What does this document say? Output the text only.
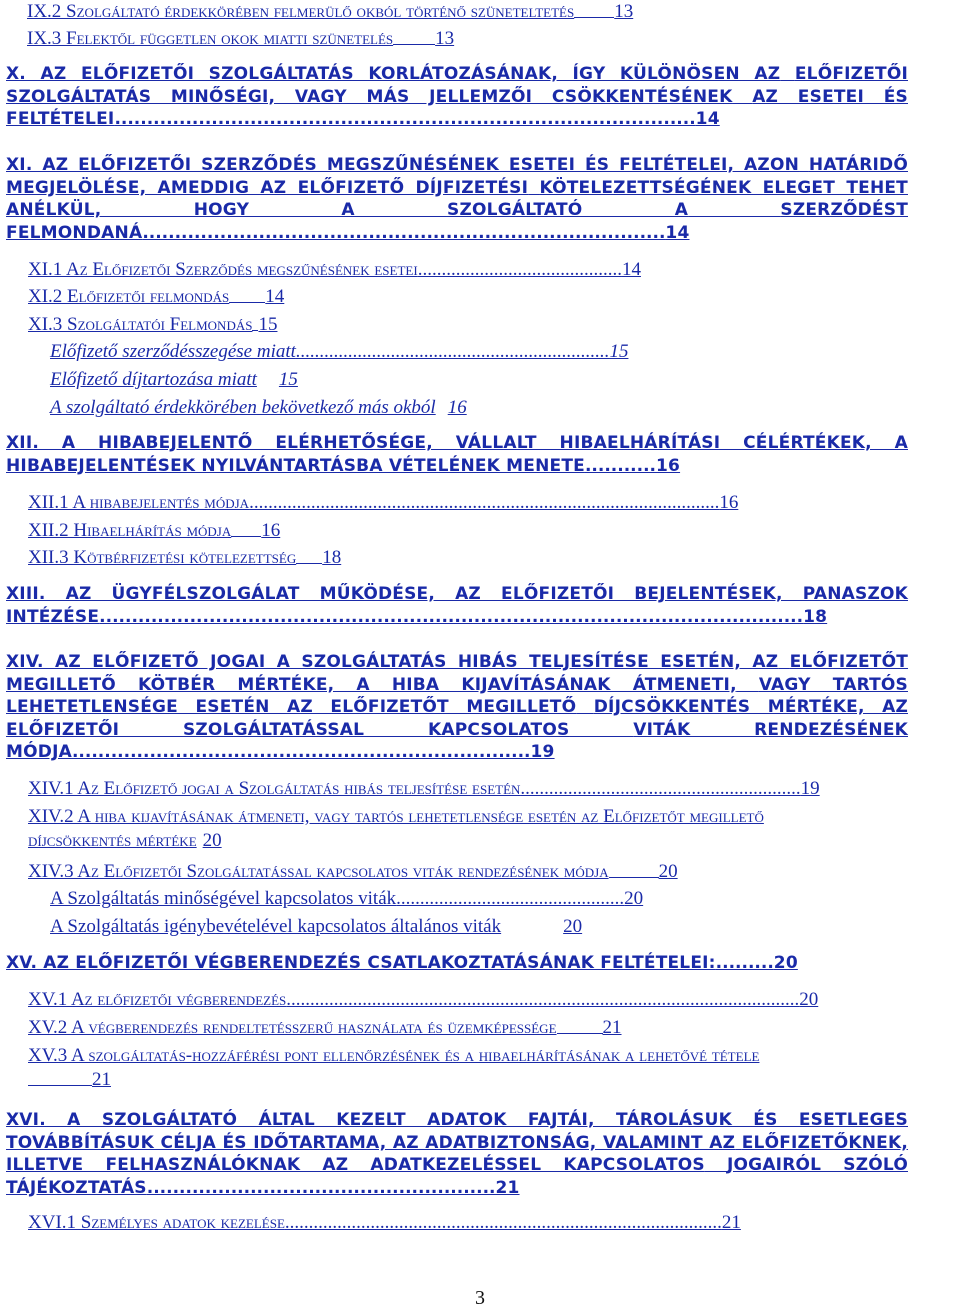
IX.2 Szolgáltató érdekkörében felmerülő okból történő szüneteltetés 13
IX.3 Felektől független okok miatti szünetelés 13
X. AZ ELŐFIZETŐI SZOLGÁLTATÁS KORLÁTOZÁSÁNAK, ÍGY KÜLÖNÖSEN AZ ELŐFIZETŐI SZOLGÁLTATÁS MINŐSÉGI, VAGY MÁS JELLEMZŐI CSÖKKENTÉSÉNEK AZ ESETEI ÉS FELTÉTELEI..........................................................................................14
XI. AZ ELŐFIZETŐI SZERZŐDÉS MEGSZŰNÉSÉNEK ESETEI ÉS FELTÉTELEI, AZON HATÁRIDŐ MEGJELÖLÉSE, AMEDDIG AZ ELŐFIZETŐ DÍJFIZETÉSI KÖTELEZETTSÉGÉNEK ELEGET TEHET ANÉLKÜL, HOGY A SZOLGÁLTATÓ A	SZERZŐDÉST FELMONDANÁ.................................................................................14
XI.1 Az Előfizetői Szerződés megszűnésének esetei...........................................14
XI.2 Előfizetői felmondás 14
XI.3 Szolgáltatói Felmondás 15
Előfizető szerződésszegése miatt..................................................................15
Előfizető díjtartozása miatt 15
A szolgáltató érdekkörében bekövetkező más okból 16
XII. A HIBABEJELENTŐ ELÉRHETŐSÉGE, VÁLLALT HIBAELHÁRÍTÁSI CÉLÉRTÉKEK, A HIBABEJELENTÉSEK NYILVÁNTARTÁSBA VÉTELÉNEK MENETE...........16
XII.1 A hibabejelentés módja...................................................................................................16
XII.2 Hibaelhárítás módja 16
XII.3 Kötbérfizetési kötelezettség 18
XIII. AZ ÜGYFÉLSZOLGÁLAT MŰKÖDÉSE, AZ ELŐFIZETŐI BEJELENTÉSEK, PANASZOK INTÉZÉSE.............................................................................................................18
XIV. AZ ELŐFIZETŐ JOGAI A SZOLGÁLTATÁS HIBÁS TELJESÍTÉSE ESETÉN, AZ ELŐFIZETŐT MEGILLETŐ KÖTBÉR MÉRTÉKE, A HIBA KIJAVÍTÁSÁNAK ÁTMENETI, VAGY TARTÓS LEHETETLENSÉGE ESETÉN AZ ELŐFIZETŐT MEGILLETŐ DÍJCSÖKKENTÉS MÉRTÉKE, AZ ELŐFIZETŐI SZOLGÁLTATÁSSAL KAPCSOLATOS	VITÁK RENDEZÉSÉNEK MÓDJA.......................................................................19
XIV.1 Az Előfizető jogai a Szolgáltatás hibás teljesítése esetén...........................................................19
XIV.2 A hiba kijavításának átmeneti, vagy tartós lehetetlensége esetén az Előfizetőt megillető
díjcsökkentés mértéke 20
XIV.3 Az Előfizetői Szolgáltatással kapcsolatos viták rendezésének módja	20
A Szolgáltatás minőségével kapcsolatos viták................................................20
A Szolgáltatás igénybevételével kapcsolatos általános viták	20
XV. AZ ELŐFIZETŐI VÉGBERENDEZÉS CSATLAKOZTATÁSÁNAK FELTÉTELEI:.........20
XV.1 Az előfizetői végberendezés............................................................................................................20
XV.2 A végberendezés rendeltetésszerű használata és üzemképessége 21
XV.3 A szolgáltatás-hozzáférési pont ellenőrzésének és a hibaelhárításának a lehetővé tétele
21
XVI. A SZOLGÁLTATÓ ÁLTAL KEZELT ADATOK FAJTÁI, TÁROLÁSUK ÉS ESETLEGES TOVÁBBÍTÁSUK CÉLJA ÉS IDŐTARTAMA, AZ ADATBIZTONSÁG, VALAMINT AZ ELŐFIZETŐKNEK, ILLETVE FELHASZNÁLÓKNAK AZ ADATKEZELÉSSEL KAPCSOLATOS JOGAIRÓL SZÓLÓ TÁJÉKOZTATÁS......................................................21
XVI.1 Személyes adatok kezelése............................................................................................21
3
